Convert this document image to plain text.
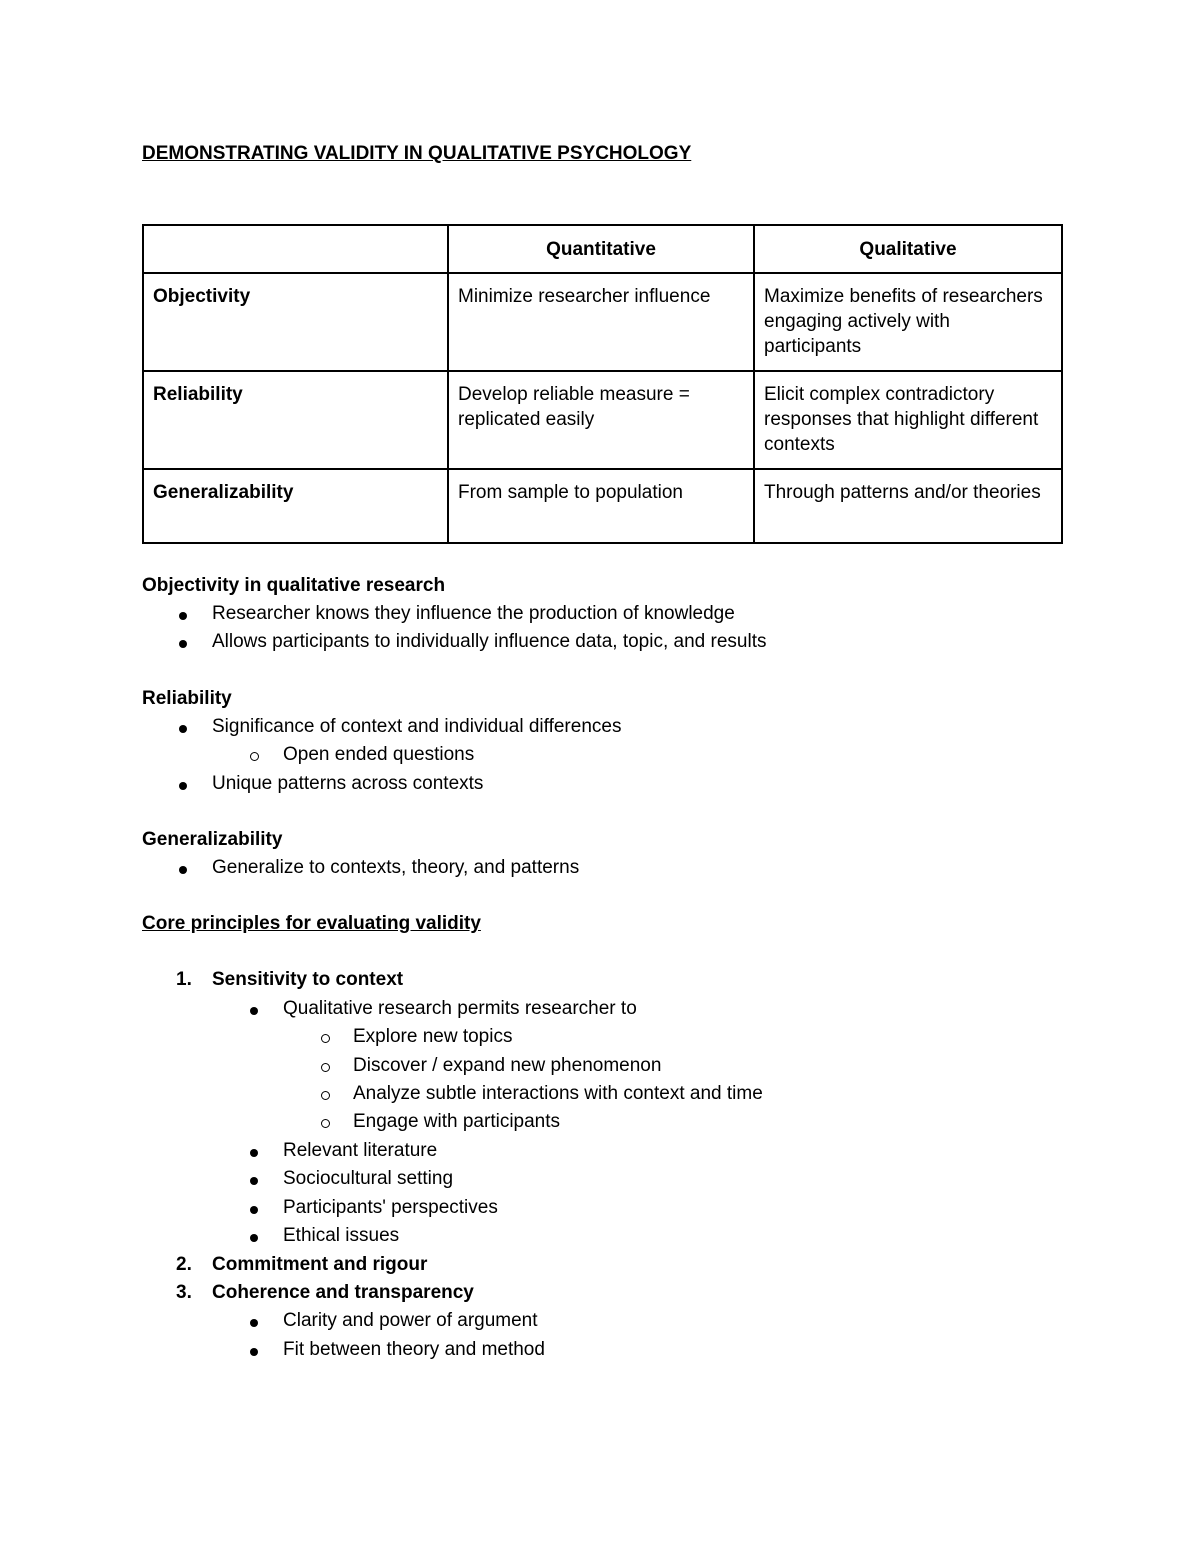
DEMONSTRATING VALIDITY IN QUALITATIVE PSYCHOLOGY
	Quantitative	Qualitative
Objectivity	Minimize researcher influence	Maximize benefits of researchers engaging actively with participants
Reliability	Develop reliable measure = replicated easily	Elicit complex contradictory responses that highlight different contexts
Generalizability	From sample to population	Through patterns and/or theories

Objectivity in qualitative research

Researcher knows they influence the production of knowledge
Allows participants to individually influence data, topic, and results

Reliability

Significance of context and individual differences
Open ended questions
Unique patterns across contexts

Generalizability

Generalize to contexts, theory, and patterns

Core principles for evaluating validity

1. Sensitivity to context
Qualitative research permits researcher to
Explore new topics
Discover / expand new phenomenon
Analyze subtle interactions with context and time
Engage with participants
Relevant literature
Sociocultural setting
Participants' perspectives
Ethical issues
2. Commitment and rigour
3. Coherence and transparency
Clarity and power of argument
Fit between theory and method
